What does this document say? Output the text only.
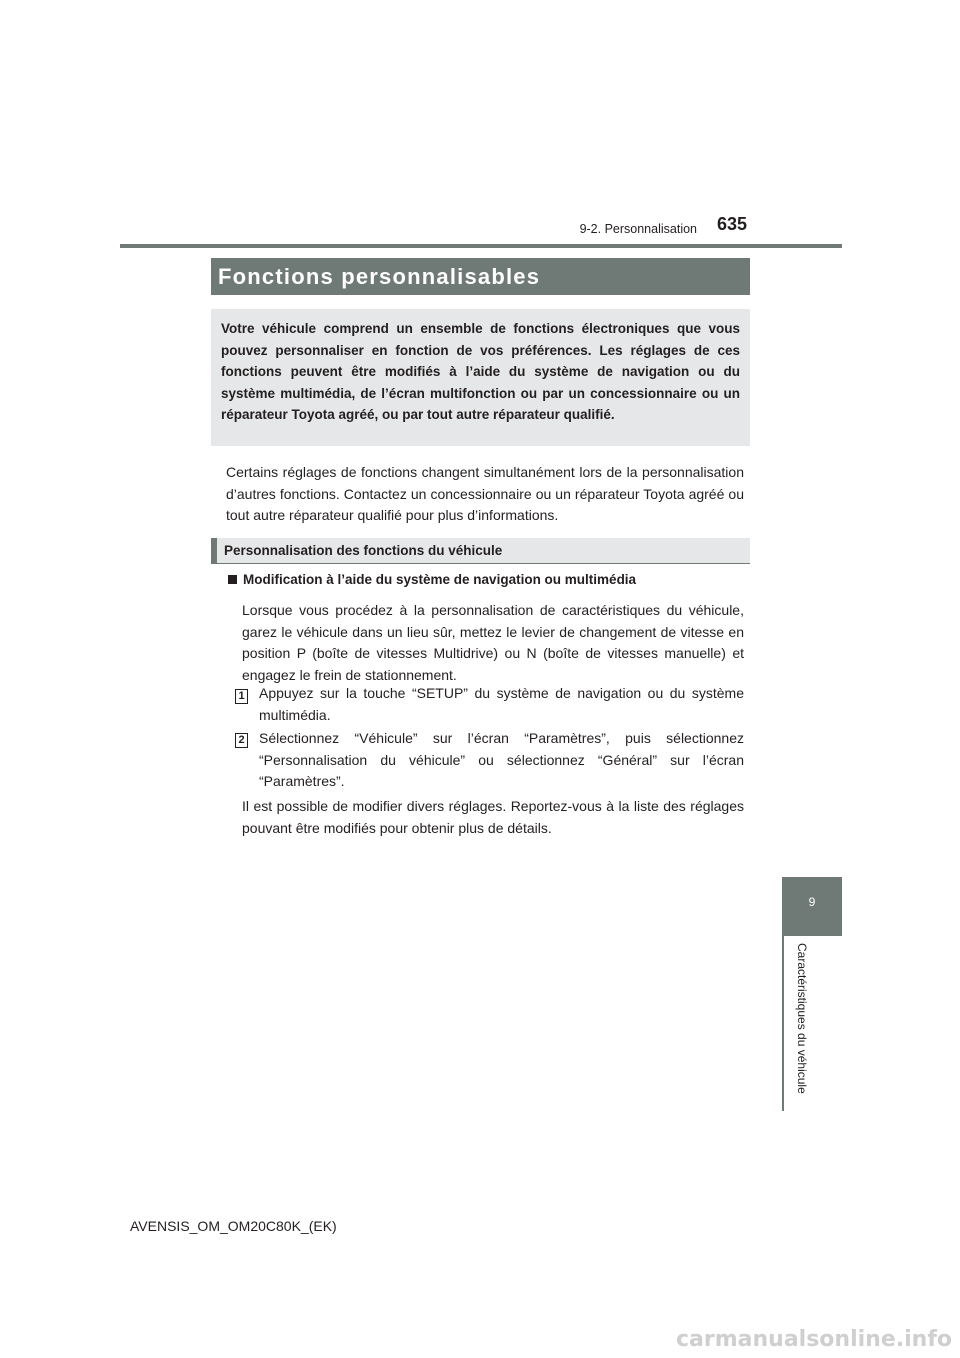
9-2. Personnalisation 635
Fonctions personnalisables
Votre véhicule comprend un ensemble de fonctions électroniques que vous pouvez personnaliser en fonction de vos préférences. Les réglages de ces fonctions peuvent être modifiés à l’aide du système de navigation ou du système multimédia, de l’écran multifonction ou par un concessionnaire ou un réparateur Toyota agréé, ou par tout autre réparateur qualifié.
Certains réglages de fonctions changent simultanément lors de la personnalisation d’autres fonctions. Contactez un concessionnaire ou un réparateur Toyota agréé ou tout autre réparateur qualifié pour plus d’informations.
Personnalisation des fonctions du véhicule
Modification à l’aide du système de navigation ou multimédia
Lorsque vous procédez à la personnalisation de caractéristiques du véhicule, garez le véhicule dans un lieu sûr, mettez le levier de changement de vitesse en position P (boîte de vitesses Multidrive) ou N (boîte de vitesses manuelle) et engagez le frein de stationnement.
1 Appuyez sur la touche “SETUP” du système de navigation ou du système multimédia.
2 Sélectionnez “Véhicule” sur l’écran “Paramètres”, puis sélectionnez “Personnalisation du véhicule” ou sélectionnez “Général” sur l’écran “Paramètres”.
Il est possible de modifier divers réglages. Reportez-vous à la liste des réglages pouvant être modifiés pour obtenir plus de détails.
9
Caractéristiques du véhicule
AVENSIS_OM_OM20C80K_(EK)
carmanualsonline.info
